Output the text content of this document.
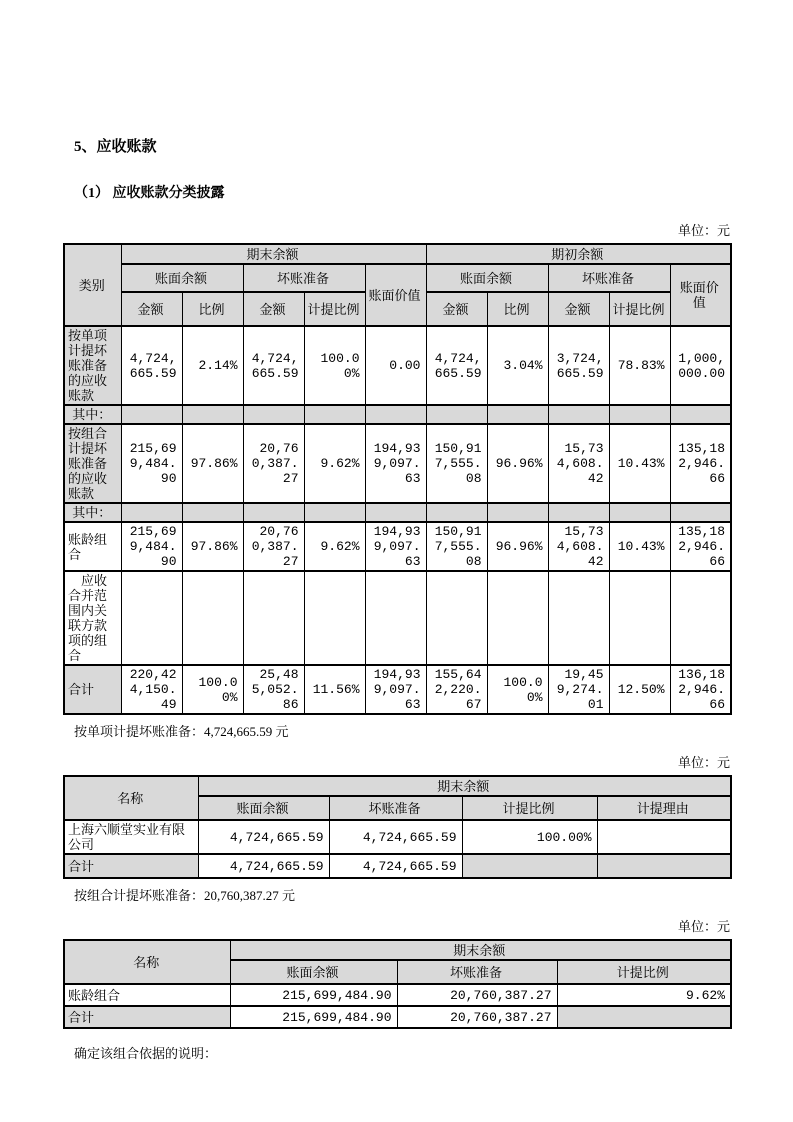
5、应收账款
（1） 应收账款分类披露
单位：元
类别	期末余额					期初余额				
	账面余额		坏账准备		账面价值	账面余额		坏账准备		账面价值
	金额	比例	金额	计提比例		金额	比例	金额	计提比例	
按单项计提坏账准备的应收账款	4,724,665.59	2.14%	4,724,665.59	100.00%	0.00	4,724,665.59	3.04%	3,724,665.59	78.83%	1,000,000.00
其中：										
按组合计提坏账准备的应收账款	215,699,484.90	97.86%	20,760,387.27	9.62%	194,939,097.63	150,917,555.08	96.96%	15,734,608.42	10.43%	135,182,946.66
其中：										
账龄组合	215,699,484.90	97.86%	20,760,387.27	9.62%	194,939,097.63	150,917,555.08	96.96%	15,734,608.42	10.43%	135,182,946.66
　应收合并范围内关联方款项的组合										
合计	220,424,150.49	100.00%	25,485,052.86	11.56%	194,939,097.63	155,642,220.67	100.00%	19,459,274.01	12.50%	136,182,946.66
按单项计提坏账准备：4,724,665.59 元
单位：元
名称	期末余额			
	账面余额	坏账准备	计提比例	计提理由
上海六顺堂实业有限公司	4,724,665.59	4,724,665.59	100.00%	
合计	4,724,665.59	4,724,665.59		
按组合计提坏账准备：20,760,387.27 元
单位：元
名称	期末余额		
	账面余额	坏账准备	计提比例
账龄组合	215,699,484.90	20,760,387.27	9.62%
合计	215,699,484.90	20,760,387.27	
确定该组合依据的说明：
